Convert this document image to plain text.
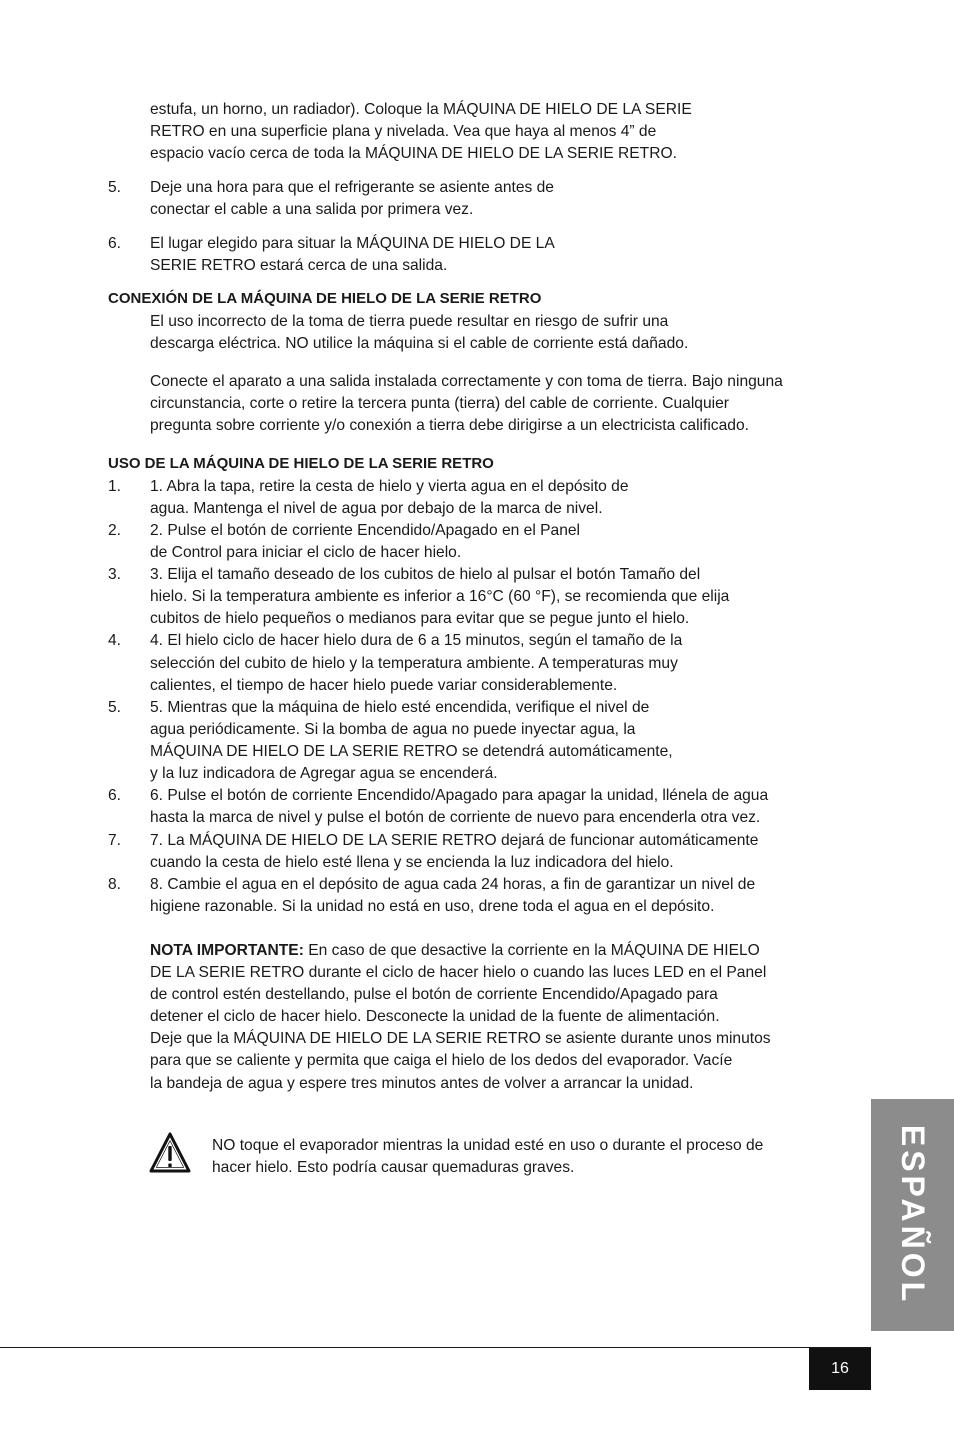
estufa, un horno, un radiador). Coloque la MÁQUINA DE HIELO DE LA SERIE
RETRO en una superficie plana y nivelada. Vea que haya al menos 4” de
espacio vacío cerca de toda la MÁQUINA DE HIELO DE LA SERIE RETRO.
5. Deje una hora para que el refrigerante se asiente antes de
conectar el cable a una salida por primera vez.
6. El lugar elegido para situar la MÁQUINA DE HIELO DE LA
SERIE RETRO estará cerca de una salida.
CONEXIÓN DE LA MÁQUINA DE HIELO DE LA SERIE RETRO
El uso incorrecto de la toma de tierra puede resultar en riesgo de sufrir una
descarga eléctrica. NO utilice la máquina si el cable de corriente está dañado.
Conecte el aparato a una salida instalada correctamente y con toma de tierra. Bajo ninguna
circunstancia, corte o retire la tercera punta (tierra) del cable de corriente. Cualquier
pregunta sobre corriente y/o conexión a tierra debe dirigirse a un electricista calificado.
USO DE LA MÁQUINA DE HIELO DE LA SERIE RETRO
1. 1. Abra la tapa, retire la cesta de hielo y vierta agua en el depósito de
agua. Mantenga el nivel de agua por debajo de la marca de nivel.
2. 2. Pulse el botón de corriente Encendido/Apagado en el Panel
de Control para iniciar el ciclo de hacer hielo.
3. 3. Elija el tamaño deseado de los cubitos de hielo al pulsar el botón Tamaño del
hielo. Si la temperatura ambiente es inferior a 16°C (60 °F), se recomienda que elija
cubitos de hielo pequeños o medianos para evitar que se pegue junto el hielo.
4. 4. El hielo ciclo de hacer hielo dura de 6 a 15 minutos, según el tamaño de la
selección del cubito de hielo y la temperatura ambiente. A temperaturas muy
calientes, el tiempo de hacer hielo puede variar considerablemente.
5. 5. Mientras que la máquina de hielo esté encendida, verifique el nivel de
agua periódicamente. Si la bomba de agua no puede inyectar agua, la
MÁQUINA DE HIELO DE LA SERIE RETRO se detendrá automáticamente,
y la luz indicadora de Agregar agua se encenderá.
6. 6. Pulse el botón de corriente Encendido/Apagado para apagar la unidad, llénela de agua
hasta la marca de nivel y pulse el botón de corriente de nuevo para encenderla otra vez.
7. 7. La MÁQUINA DE HIELO DE LA SERIE RETRO dejará de funcionar automáticamente
cuando la cesta de hielo esté llena y se encienda la luz indicadora del hielo.
8. 8. Cambie el agua en el depósito de agua cada 24 horas, a fin de garantizar un nivel de
higiene razonable. Si la unidad no está en uso, drene toda el agua en el depósito.
NOTA IMPORTANTE: En caso de que desactive la corriente en la MÁQUINA DE HIELO
DE LA SERIE RETRO durante el ciclo de hacer hielo o cuando las luces LED en el Panel
de control estén destellando, pulse el botón de corriente Encendido/Apagado para
detener el ciclo de hacer hielo. Desconecte la unidad de la fuente de alimentación.
Deje que la MÁQUINA DE HIELO DE LA SERIE RETRO se asiente durante unos minutos
para que se caliente y permita que caiga el hielo de los dedos del evaporador. Vacíe
la bandeja de agua y espere tres minutos antes de volver a arrancar la unidad.
NO toque el evaporador mientras la unidad esté en uso o durante el proceso de
hacer hielo. Esto podría causar quemaduras graves.	ESPAÑOL
16
